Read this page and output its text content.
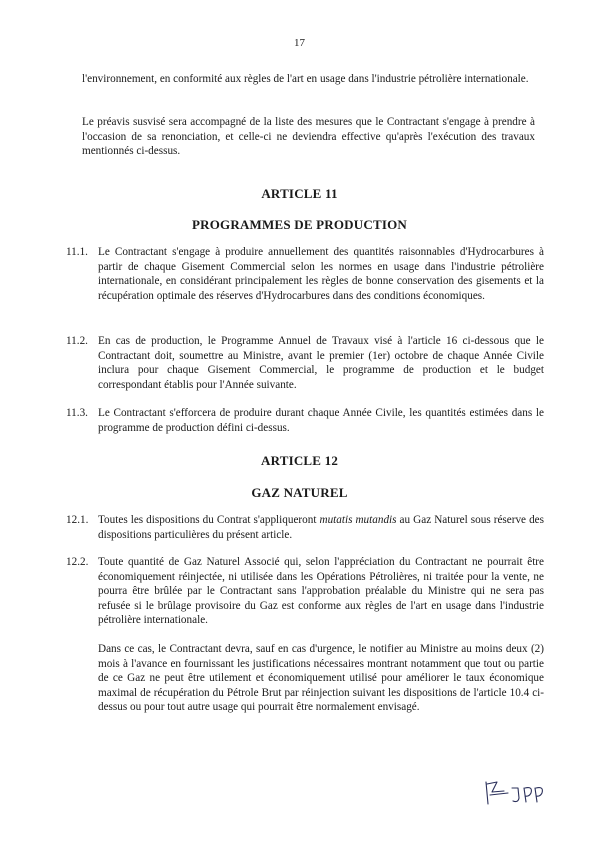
17
l'environnement, en conformité aux règles de l'art en usage dans l'industrie pétrolière internationale.
Le préavis susvisé sera accompagné de la liste des mesures que le Contractant s'engage à prendre à l'occasion de sa renonciation, et celle-ci ne deviendra effective qu'après l'exécution des travaux mentionnés ci-dessus.
ARTICLE 11
PROGRAMMES DE PRODUCTION
11.1. Le Contractant s'engage à produire annuellement des quantités raisonnables d'Hydrocarbures à partir de chaque Gisement Commercial selon les normes en usage dans l'industrie pétrolière internationale, en considérant principalement les règles de bonne conservation des gisements et la récupération optimale des réserves d'Hydrocarbures dans des conditions économiques.
11.2. En cas de production, le Programme Annuel de Travaux visé à l'article 16 ci-dessous que le Contractant doit, soumettre au Ministre, avant le premier (1er) octobre de chaque Année Civile inclura pour chaque Gisement Commercial, le programme de production et le budget correspondant établis pour l'Année suivante.
11.3. Le Contractant s'efforcera de produire durant chaque Année Civile, les quantités estimées dans le programme de production défini ci-dessus.
ARTICLE 12
GAZ NATUREL
12.1. Toutes les dispositions du Contrat s'appliqueront mutatis mutandis au Gaz Naturel sous réserve des dispositions particulières du présent article.
12.2. Toute quantité de Gaz Naturel Associé qui, selon l'appréciation du Contractant ne pourrait être économiquement réinjectée, ni utilisée dans les Opérations Pétrolières, ni traitée pour la vente, ne pourra être brûlée par le Contractant sans l'approbation préalable du Ministre qui ne sera pas refusée si le brûlage provisoire du Gaz est conforme aux règles de l'art en usage dans l'industrie pétrolière internationale.
Dans ce cas, le Contractant devra, sauf en cas d'urgence, le notifier au Ministre au moins deux (2) mois à l'avance en fournissant les justifications nécessaires montrant notamment que tout ou partie de ce Gaz ne peut être utilement et économiquement utilisé pour améliorer le taux économique maximal de récupération du Pétrole Brut par réinjection suivant les dispositions de l'article 10.4 ci-dessus ou pour tout autre usage qui pourrait être normalement envisagé.
